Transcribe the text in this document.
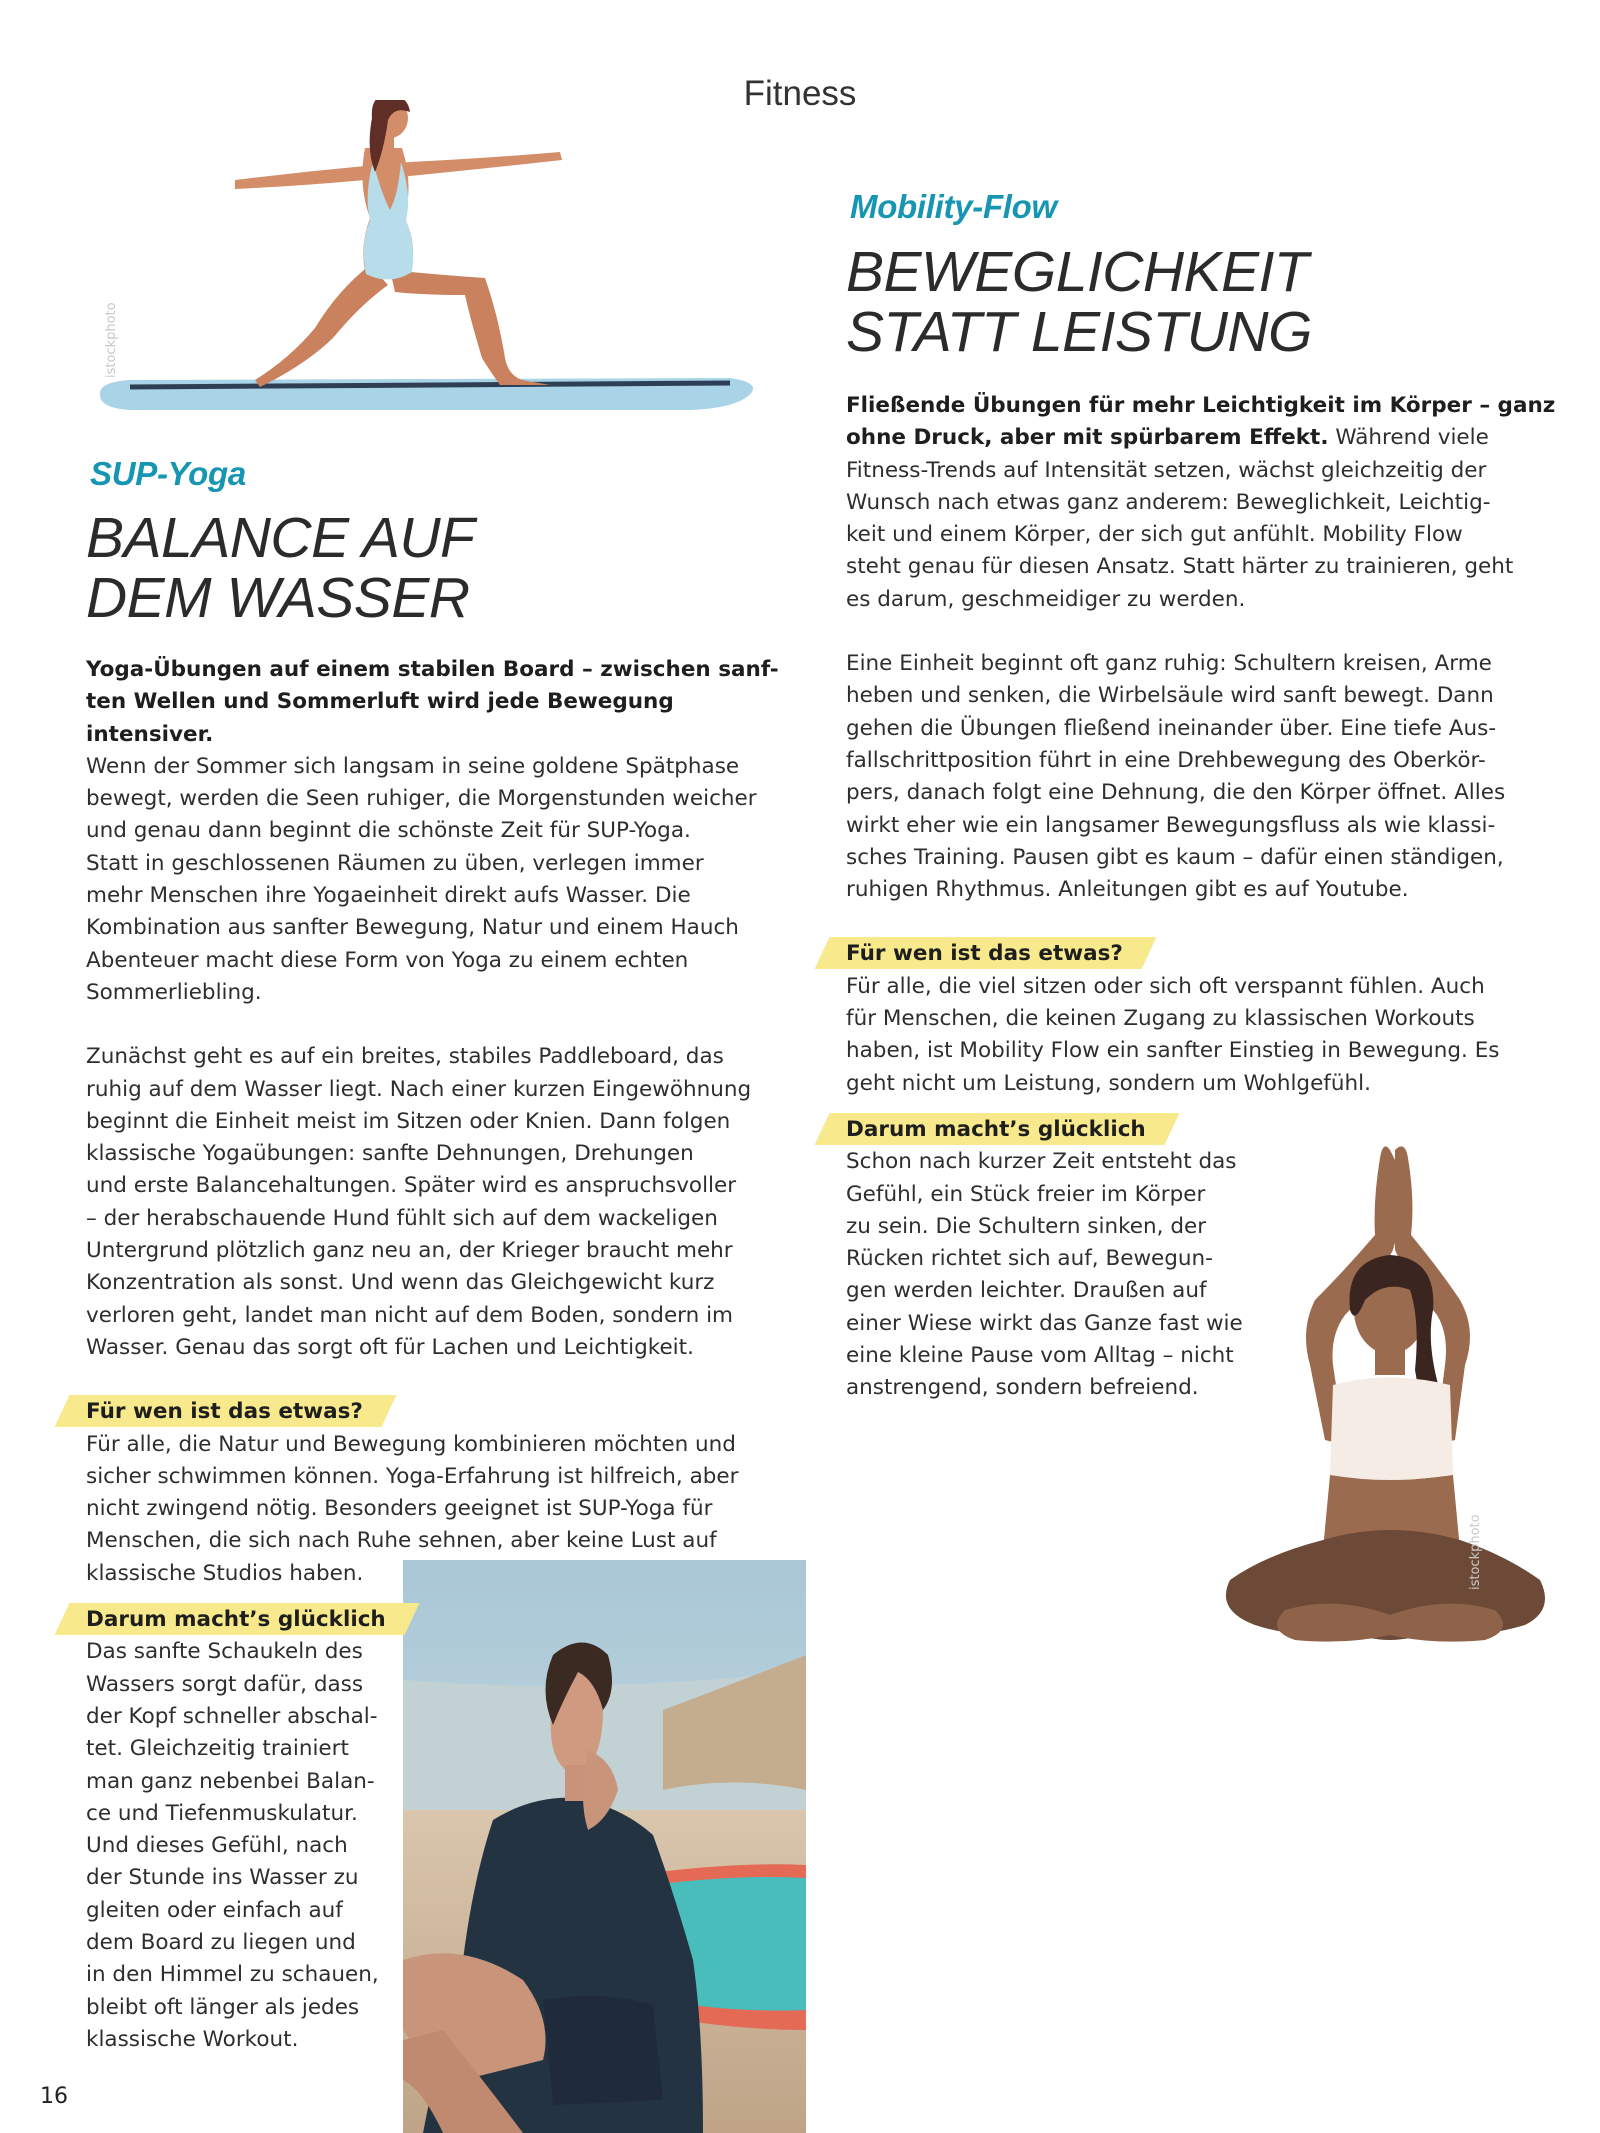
Fitness
istockphoto
SUP-Yoga
BALANCE AUF
DEM WASSER

Yoga-Übungen auf einem stabilen Board – zwischen sanf-

ten Wellen und Sommerluft wird jede Bewegung intensiver.

Wenn der Sommer sich langsam in seine goldene Spätphase

bewegt, werden die Seen ruhiger, die Morgenstunden weicher

und genau dann beginnt die schönste Zeit für SUP-Yoga.

Statt in geschlossenen Räumen zu üben, verlegen immer

mehr Menschen ihre Yogaeinheit direkt aufs Wasser. Die

Kombination aus sanfter Bewegung, Natur und einem Hauch

Abenteuer macht diese Form von Yoga zu einem echten

Sommerliebling.

Zunächst geht es auf ein breites, stabiles Paddleboard, das

ruhig auf dem Wasser liegt. Nach einer kurzen Eingewöhnung

beginnt die Einheit meist im Sitzen oder Knien. Dann folgen

klassische Yogaübungen: sanfte Dehnungen, Drehungen

und erste Balancehaltungen. Später wird es anspruchsvoller

– der herabschauende Hund fühlt sich auf dem wackeligen

Untergrund plötzlich ganz neu an, der Krieger braucht mehr

Konzentration als sonst. Und wenn das Gleichgewicht kurz

verloren geht, landet man nicht auf dem Boden, sondern im

Wasser. Genau das sorgt oft für Lachen und Leichtigkeit.

Für wen ist das etwas?

Für alle, die Natur und Bewegung kombinieren möchten und

sicher schwimmen können. Yoga-Erfahrung ist hilfreich, aber

nicht zwingend nötig. Besonders geeignet ist SUP-Yoga für

Menschen, die sich nach Ruhe sehnen, aber keine Lust auf

klassische Studios haben.

Darum macht’s glücklich

Das sanfte Schaukeln des

Wassers sorgt dafür, dass

der Kopf schneller abschal-

tet. Gleichzeitig trainiert

man ganz nebenbei Balan-

ce und Tiefenmuskulatur.

Und dieses Gefühl, nach

der Stunde ins Wasser zu

gleiten oder einfach auf

dem Board zu liegen und

in den Himmel zu schauen,

bleibt oft länger als jedes

klassische Workout.

Mobility-Flow
BEWEGLICHKEIT
STATT LEISTUNG

Fließende Übungen für mehr Leichtigkeit im Körper – ganz

ohne Druck, aber mit spürbarem Effekt. Während viele

Fitness-Trends auf Intensität setzen, wächst gleichzeitig der

Wunsch nach etwas ganz anderem: Beweglichkeit, Leichtig-

keit und einem Körper, der sich gut anfühlt. Mobility Flow

steht genau für diesen Ansatz. Statt härter zu trainieren, geht

es darum, geschmeidiger zu werden.

Eine Einheit beginnt oft ganz ruhig: Schultern kreisen, Arme

heben und senken, die Wirbelsäule wird sanft bewegt. Dann

gehen die Übungen fließend ineinander über. Eine tiefe Aus-

fallschrittposition führt in eine Drehbewegung des Oberkör-

pers, danach folgt eine Dehnung, die den Körper öffnet. Alles

wirkt eher wie ein langsamer Bewegungsfluss als wie klassi-

sches Training. Pausen gibt es kaum – dafür einen ständigen,

ruhigen Rhythmus. Anleitungen gibt es auf Youtube.

Für wen ist das etwas?

Für alle, die viel sitzen oder sich oft verspannt fühlen. Auch

für Menschen, die keinen Zugang zu klassischen Workouts

haben, ist Mobility Flow ein sanfter Einstieg in Bewegung. Es

geht nicht um Leistung, sondern um Wohlgefühl.

Darum macht’s glücklich

Schon nach kurzer Zeit entsteht das

Gefühl, ein Stück freier im Körper

zu sein. Die Schultern sinken, der

Rücken richtet sich auf, Bewegun-

gen werden leichter. Draußen auf

einer Wiese wirkt das Ganze fast wie

eine kleine Pause vom Alltag – nicht

anstrengend, sondern befreiend.

istockphoto
16
